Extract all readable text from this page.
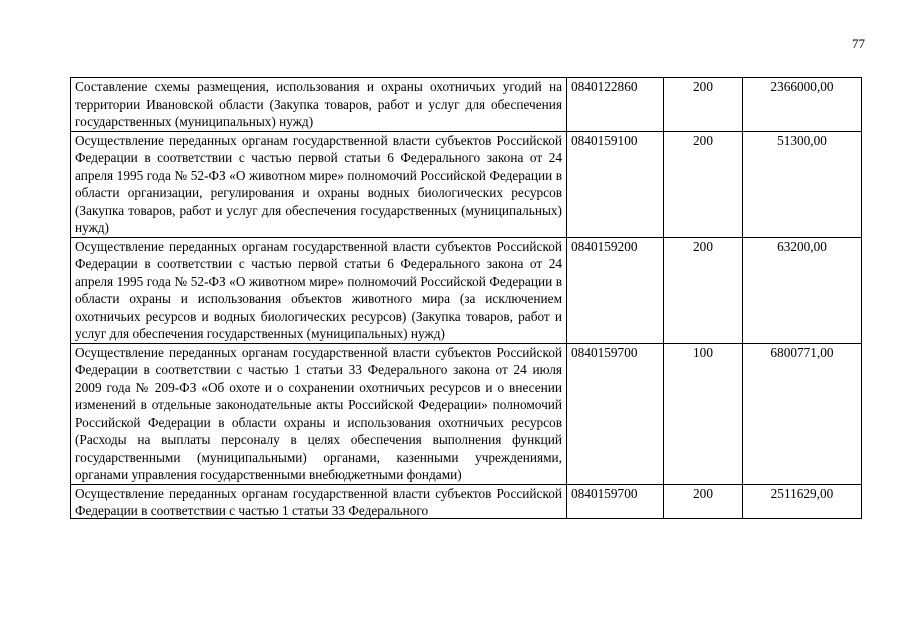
77
Составление схемы размещения, использования и охраны охотничьих угодий на территории Ивановской области (Закупка товаров, работ и услуг для обеспечения государственных (муниципальных) нужд)	0840122860	200	2366000,00
Осуществление переданных органам государственной власти субъектов Российской Федерации в соответствии с частью первой статьи 6 Федерального закона от 24 апреля 1995 года № 52-ФЗ «О животном мире» полномочий Российской Федерации в области организации, регулирования и охраны водных биологических ресурсов (Закупка товаров, работ и услуг для обеспечения государственных (муниципальных) нужд)	0840159100	200	51300,00
Осуществление переданных органам государственной власти субъектов Российской Федерации в соответствии с частью первой статьи 6 Федерального закона от 24 апреля 1995 года № 52-ФЗ «О животном мире» полномочий Российской Федерации в области охраны и использования объектов животного мира (за исключением охотничьих ресурсов и водных биологических ресурсов) (Закупка товаров, работ и услуг для обеспечения государственных (муниципальных) нужд)	0840159200	200	63200,00
Осуществление переданных органам государственной власти субъектов Российской Федерации в соответствии с частью 1 статьи 33 Федерального закона от 24 июля 2009 года № 209-ФЗ «Об охоте и о сохранении охотничьих ресурсов и о внесении изменений в отдельные законодательные акты Российской Федерации» полномочий Российской Федерации в области охраны и использования охотничьих ресурсов (Расходы на выплаты персоналу в целях обеспечения выполнения функций государственными (муниципальными) органами, казенными учреждениями, органами управления государственными внебюджетными фондами)	0840159700	100	6800771,00

Осуществление переданных органам государственной власти субъектов Российской Федерации в соответствии с частью 1 статьи 33 Федерального	0840159700	200	2511629,00
